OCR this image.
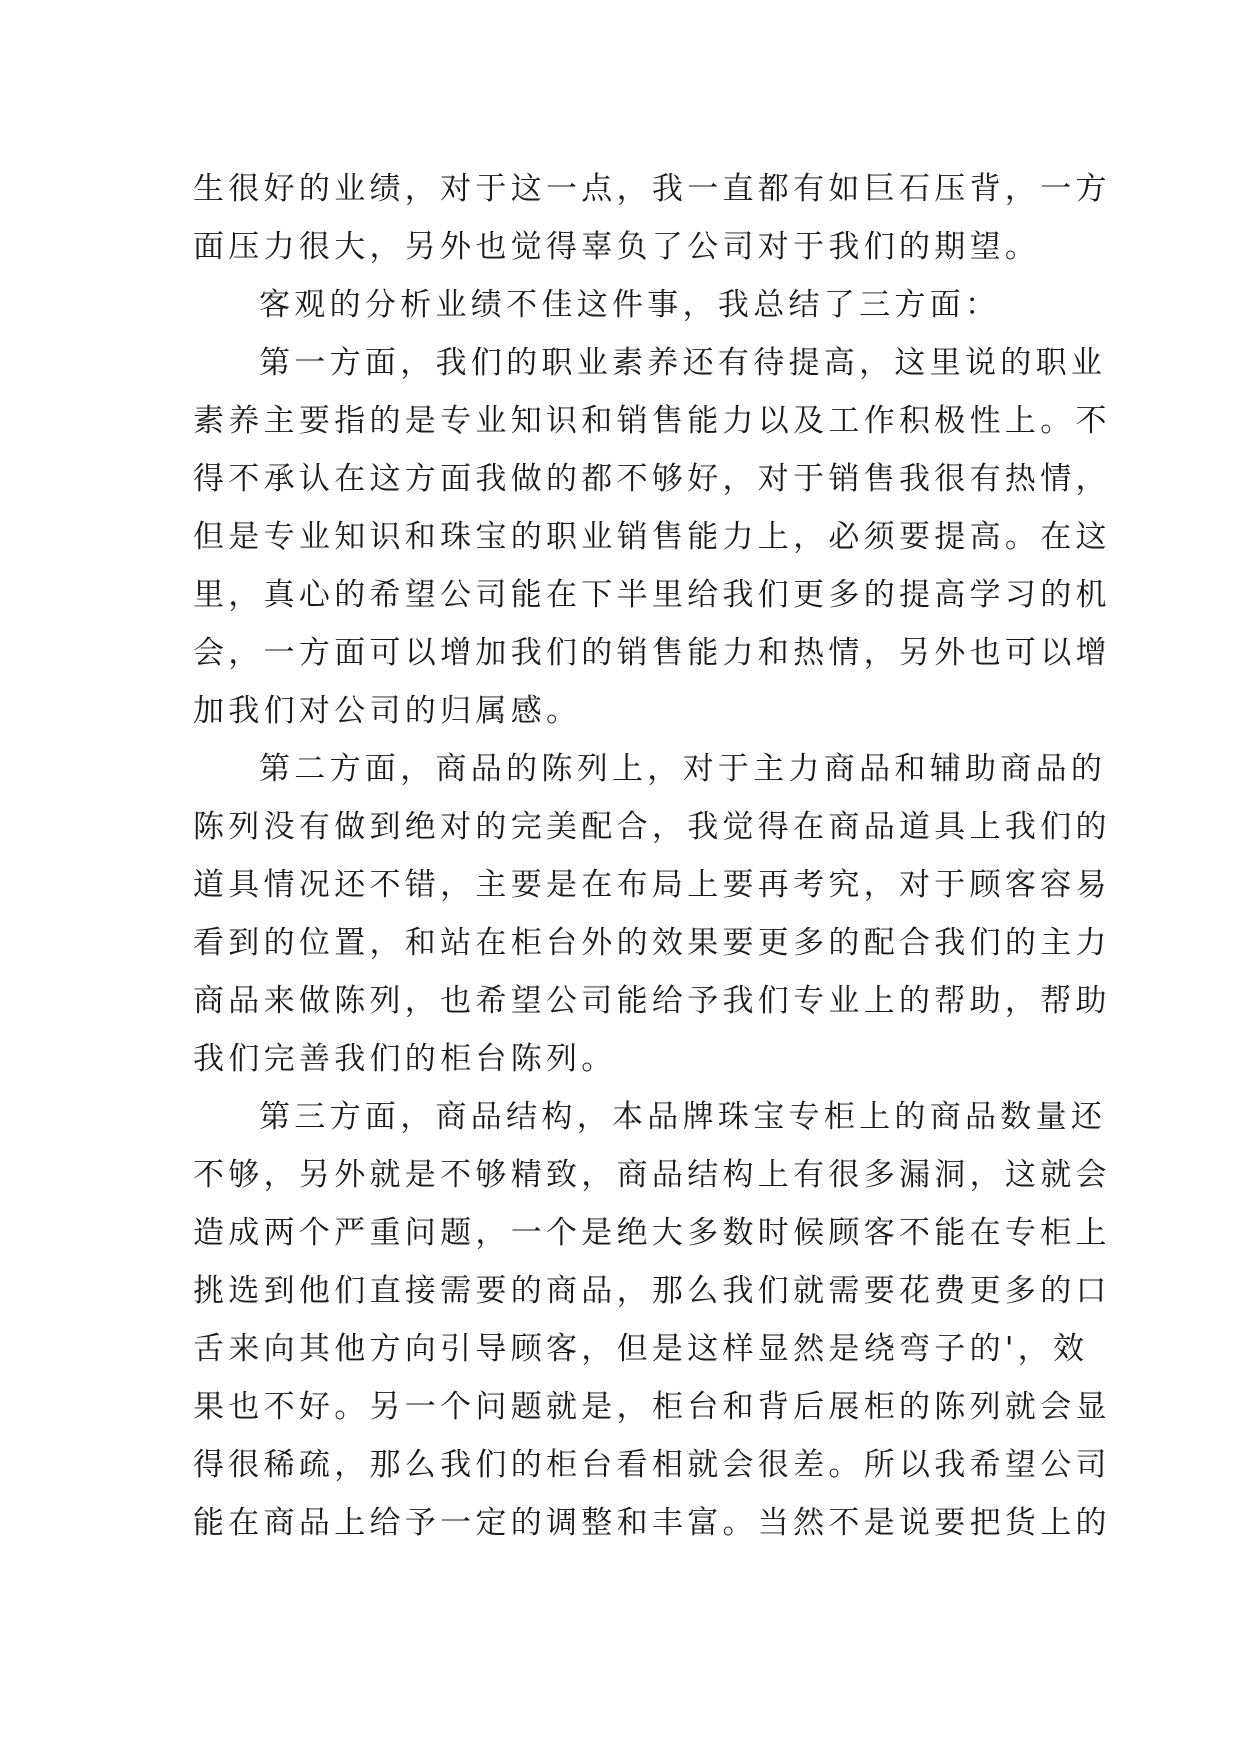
生很好的业绩，对于这一点，我一直都有如巨石压背，一方
面压力很大，另外也觉得辜负了公司对于我们的期望。
客观的分析业绩不佳这件事，我总结了三方面：
第一方面，我们的职业素养还有待提高，这里说的职业
素养主要指的是专业知识和销售能力以及工作积极性上。不
得不承认在这方面我做的都不够好，对于销售我很有热情，
但是专业知识和珠宝的职业销售能力上，必须要提高。在这
里，真心的希望公司能在下半里给我们更多的提高学习的机
会，一方面可以增加我们的销售能力和热情，另外也可以增
加我们对公司的归属感。
第二方面，商品的陈列上，对于主力商品和辅助商品的
陈列没有做到绝对的完美配合，我觉得在商品道具上我们的
道具情况还不错，主要是在布局上要再考究，对于顾客容易
看到的位置，和站在柜台外的效果要更多的配合我们的主力
商品来做陈列，也希望公司能给予我们专业上的帮助，帮助
我们完善我们的柜台陈列。
第三方面，商品结构，本品牌珠宝专柜上的商品数量还
不够，另外就是不够精致，商品结构上有很多漏洞，这就会
造成两个严重问题，一个是绝大多数时候顾客不能在专柜上
挑选到他们直接需要的商品，那么我们就需要花费更多的口
舌来向其他方向引导顾客，但是这样显然是绕弯子的'，效
果也不好。另一个问题就是，柜台和背后展柜的陈列就会显
得很稀疏，那么我们的柜台看相就会很差。所以我希望公司
能在商品上给予一定的调整和丰富。当然不是说要把货上的
